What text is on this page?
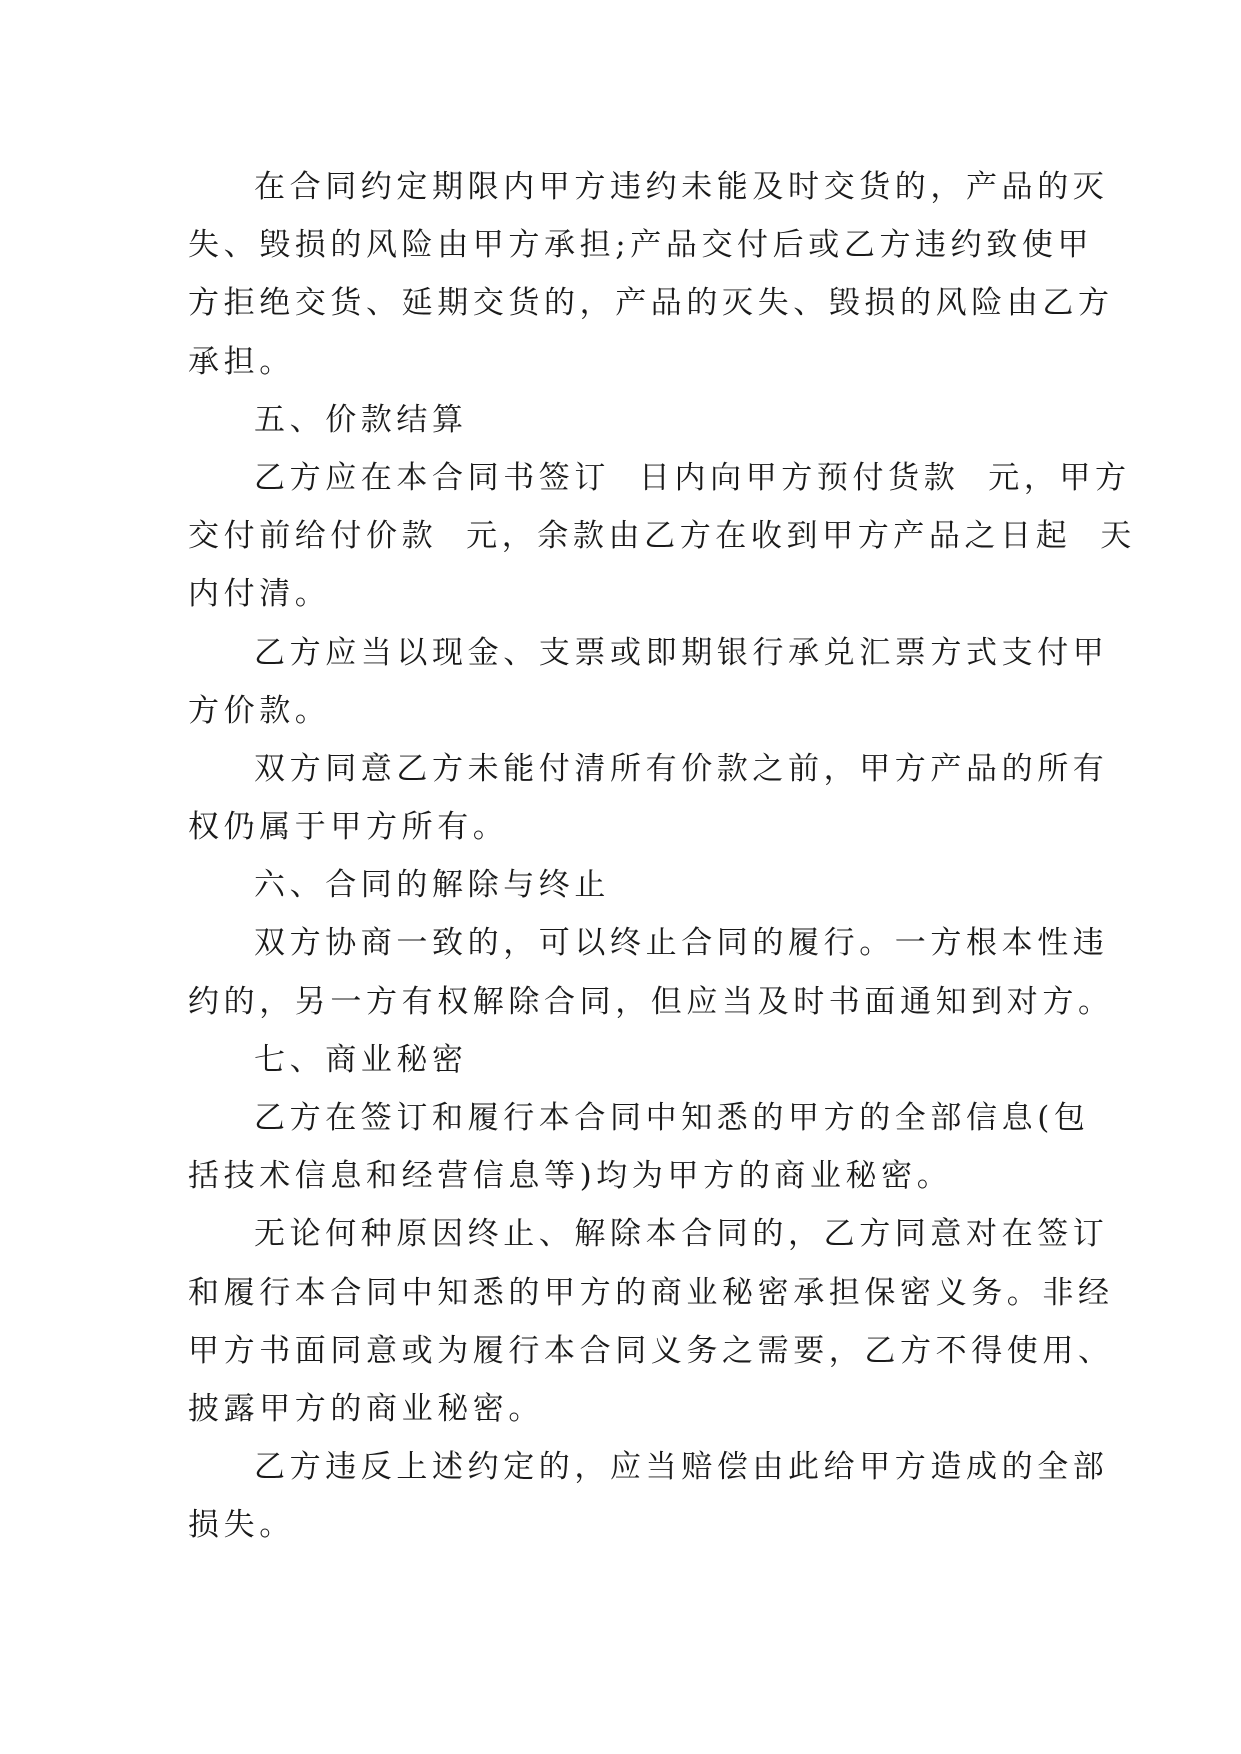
在合同约定期限内甲方违约未能及时交货的，产品的灭
失、毁损的风险由甲方承担;产品交付后或乙方违约致使甲
方拒绝交货、延期交货的，产品的灭失、毁损的风险由乙方
承担。
五、价款结算
乙方应在本合同书签订  日内向甲方预付货款  元，甲方
交付前给付价款  元，余款由乙方在收到甲方产品之日起  天
内付清。
乙方应当以现金、支票或即期银行承兑汇票方式支付甲
方价款。
双方同意乙方未能付清所有价款之前，甲方产品的所有
权仍属于甲方所有。
六、合同的解除与终止
双方协商一致的，可以终止合同的履行。一方根本性违
约的，另一方有权解除合同，但应当及时书面通知到对方。
七、商业秘密
乙方在签订和履行本合同中知悉的甲方的全部信息(包
括技术信息和经营信息等)均为甲方的商业秘密。
无论何种原因终止、解除本合同的，乙方同意对在签订
和履行本合同中知悉的甲方的商业秘密承担保密义务。非经
甲方书面同意或为履行本合同义务之需要，乙方不得使用、
披露甲方的商业秘密。
乙方违反上述约定的，应当赔偿由此给甲方造成的全部
损失。
